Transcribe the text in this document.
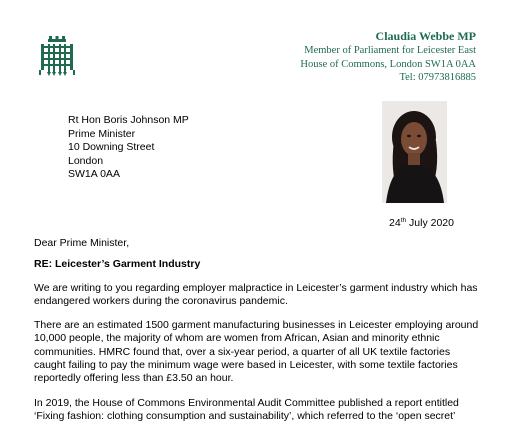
Claudia Webbe MP
Member of Parliament for Leicester East
House of Commons, London SW1A 0AA
Tel: 07973816885
Rt Hon Boris Johnson MP
Prime Minister
10 Downing Street
London
SW1A 0AA
24th July 2020
Dear Prime Minister,
RE: Leicester’s Garment Industry
We are writing to you regarding employer malpractice in Leicester’s garment industry which has endangered workers during the coronavirus pandemic.
There are an estimated 1500 garment manufacturing businesses in Leicester employing around 10,000 people, the majority of whom are women from African, Asian and minority ethnic communities. HMRC found that, over a six-year period, a quarter of all UK textile factories caught failing to pay the minimum wage were based in Leicester, with some textile factories reportedly offering less than £3.50 an hour.
In 2019, the House of Commons Environmental Audit Committee published a report entitled ‘Fixing fashion: clothing consumption and sustainability’, which referred to the ‘open secret’
